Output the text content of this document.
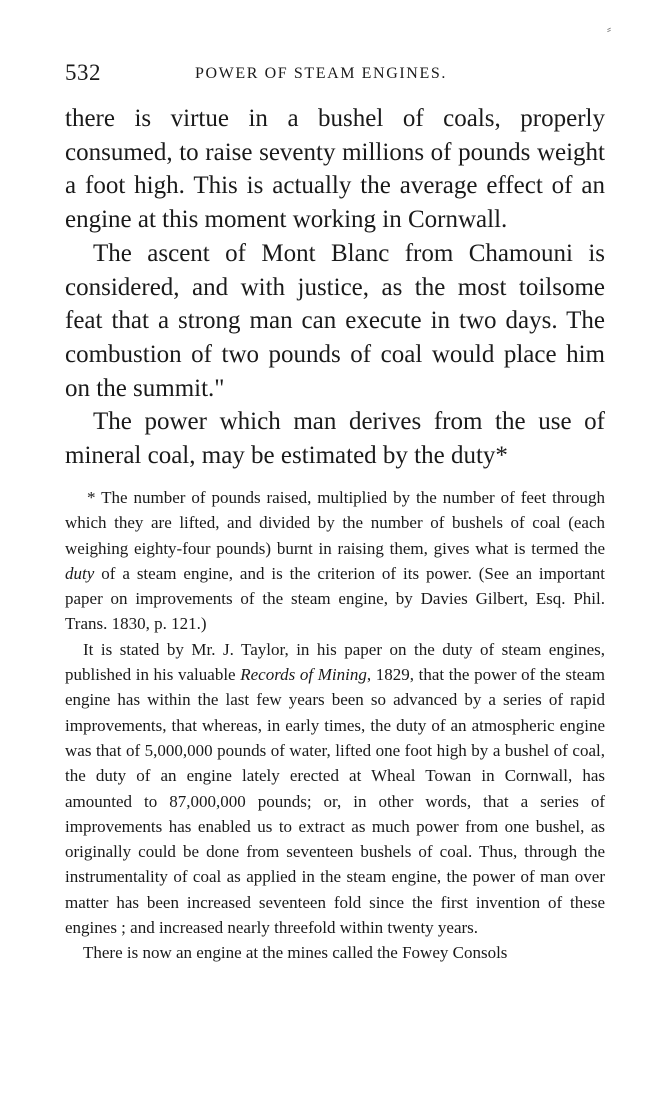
⸗
532	POWER OF STEAM ENGINES.

there is virtue in a bushel of coals, properly consumed, to raise seventy millions of pounds weight a foot high. This is actually the average effect of an engine at this moment working in Cornwall.

The ascent of Mont Blanc from Chamouni is considered, and with justice, as the most toilsome feat that a strong man can execute in two days. The combustion of two pounds of coal would place him on the summit."

The power which man derives from the use of mineral coal, may be estimated by the duty*

* The number of pounds raised, multiplied by the number of feet through which they are lifted, and divided by the number of bushels of coal (each weighing eighty-four pounds) burnt in raising them, gives what is termed the duty of a steam engine, and is the criterion of its power. (See an important paper on improvements of the steam engine, by Davies Gilbert, Esq. Phil. Trans. 1830, p. 121.)

It is stated by Mr. J. Taylor, in his paper on the duty of steam engines, published in his valuable Records of Mining, 1829, that the power of the steam engine has within the last few years been so advanced by a series of rapid improvements, that whereas, in early times, the duty of an atmospheric engine was that of 5,000,000 pounds of water, lifted one foot high by a bushel of coal, the duty of an engine lately erected at Wheal Towan in Cornwall, has amounted to 87,000,000 pounds; or, in other words, that a series of improvements has enabled us to extract as much power from one bushel, as originally could be done from seventeen bushels of coal. Thus, through the instrumentality of coal as applied in the steam engine, the power of man over matter has been increased seventeen fold since the first invention of these engines ; and increased nearly threefold within twenty years.

There is now an engine at the mines called the Fowey Consols
